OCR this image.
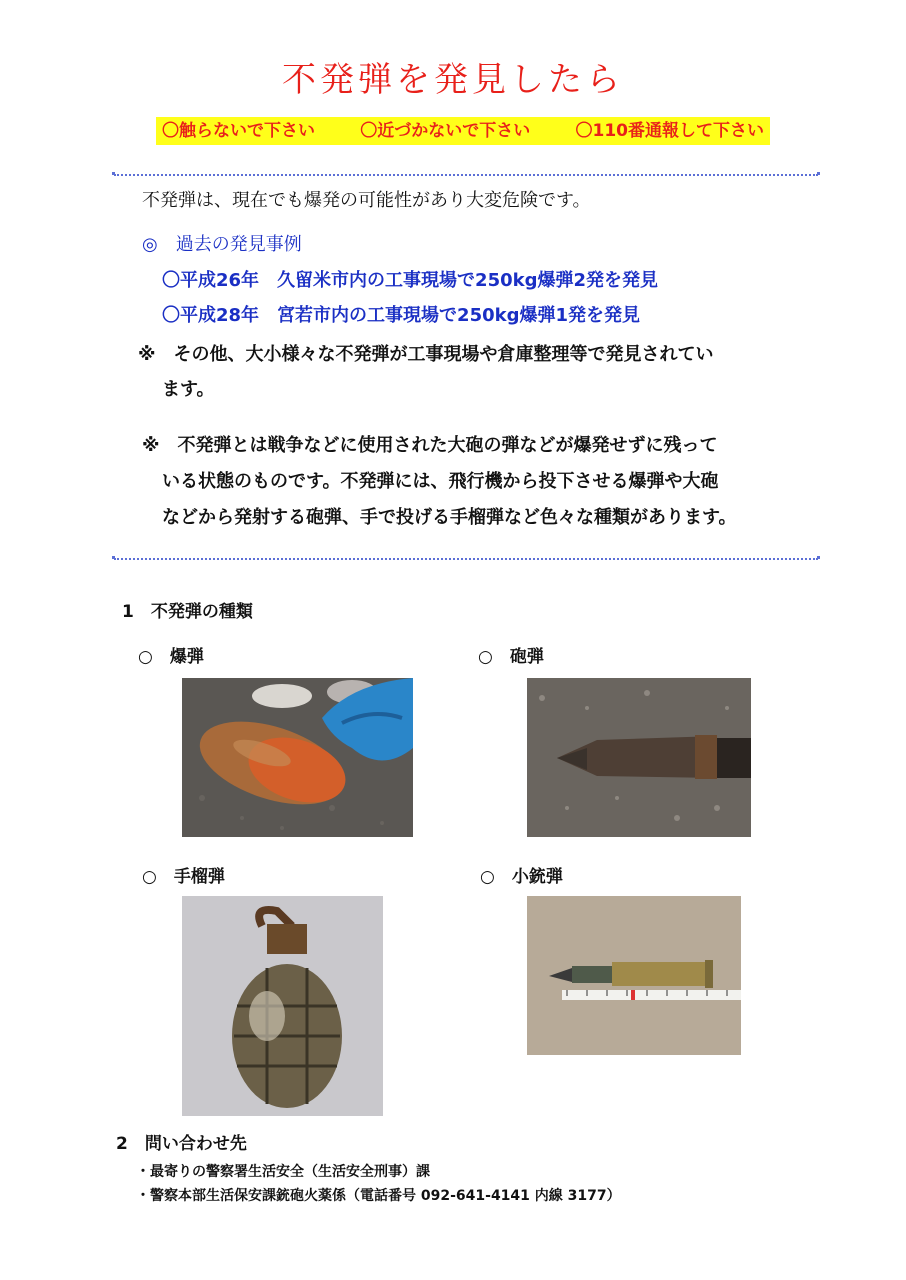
不発弾を発見したら
〇触らないで下さい	〇近づかないで下さい	〇110番通報して下さい
不発弾は、現在でも爆発の可能性があり大変危険です。
◎　過去の発見事例
〇平成26年　久留米市内の工事現場で250kg爆弾2発を発見
〇平成28年　宮若市内の工事現場で250kg爆弾1発を発見
※　その他、大小様々な不発弾が工事現場や倉庫整理等で発見されてい
ます。
※　不発弾とは戦争などに使用された大砲の弾などが爆発せずに残って
いる状態のものです。不発弾には、飛行機から投下させる爆弾や大砲
などから発射する砲弾、手で投げる手榴弾など色々な種類があります。
1　不発弾の種類
○　爆弾	○　砲弾
○　手榴弾	○　小銃弾
2　問い合わせ先
・最寄りの警察署生活安全（生活安全刑事）課
・警察本部生活保安課銃砲火薬係（電話番号 092-641-4141 内線 3177）
